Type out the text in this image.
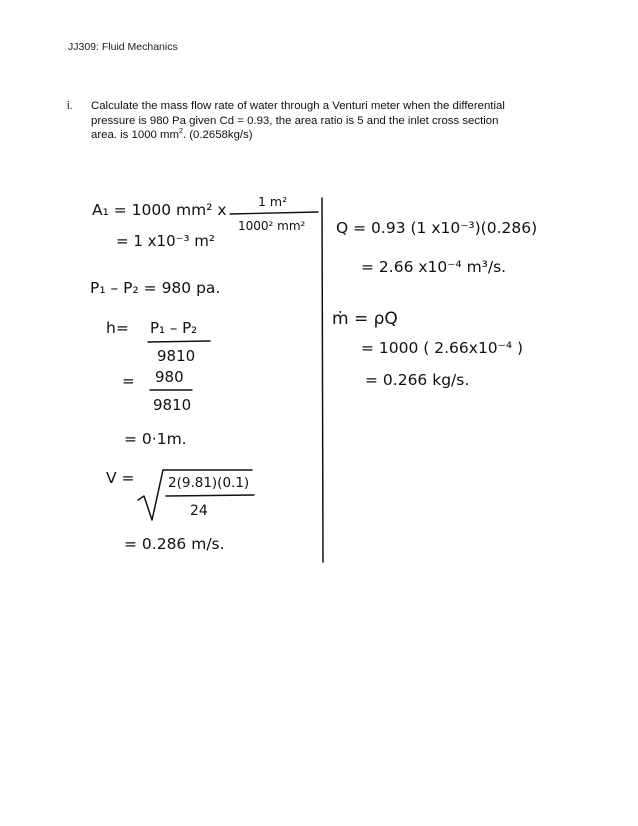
JJ309: Fluid Mechanics
i. Calculate the mass flow rate of water through a Venturi meter when the differential
pressure is 980 Pa given Cd = 0.93, the area ratio is 5 and the inlet cross section
area. is 1000 $mm^2$. (0.2658kg/s)
A₁ = 1000 mm² x	1 m²
1000² mm²
= 1 x10⁻³ m²
P₁ – P₂ = 980 pa.
h= P₁ – P₂
9810
= 980
9810
= 0·1m.
V = 2(9.81)(0.1)
24
= 0.286 m/s.
Q = 0.93 (1 x10⁻³)(0.286)
= 2.66 x10⁻⁴ m³/s.
ṁ = ρQ
= 1000 ( 2.66x10⁻⁴ )
= 0.266 kg/s.
